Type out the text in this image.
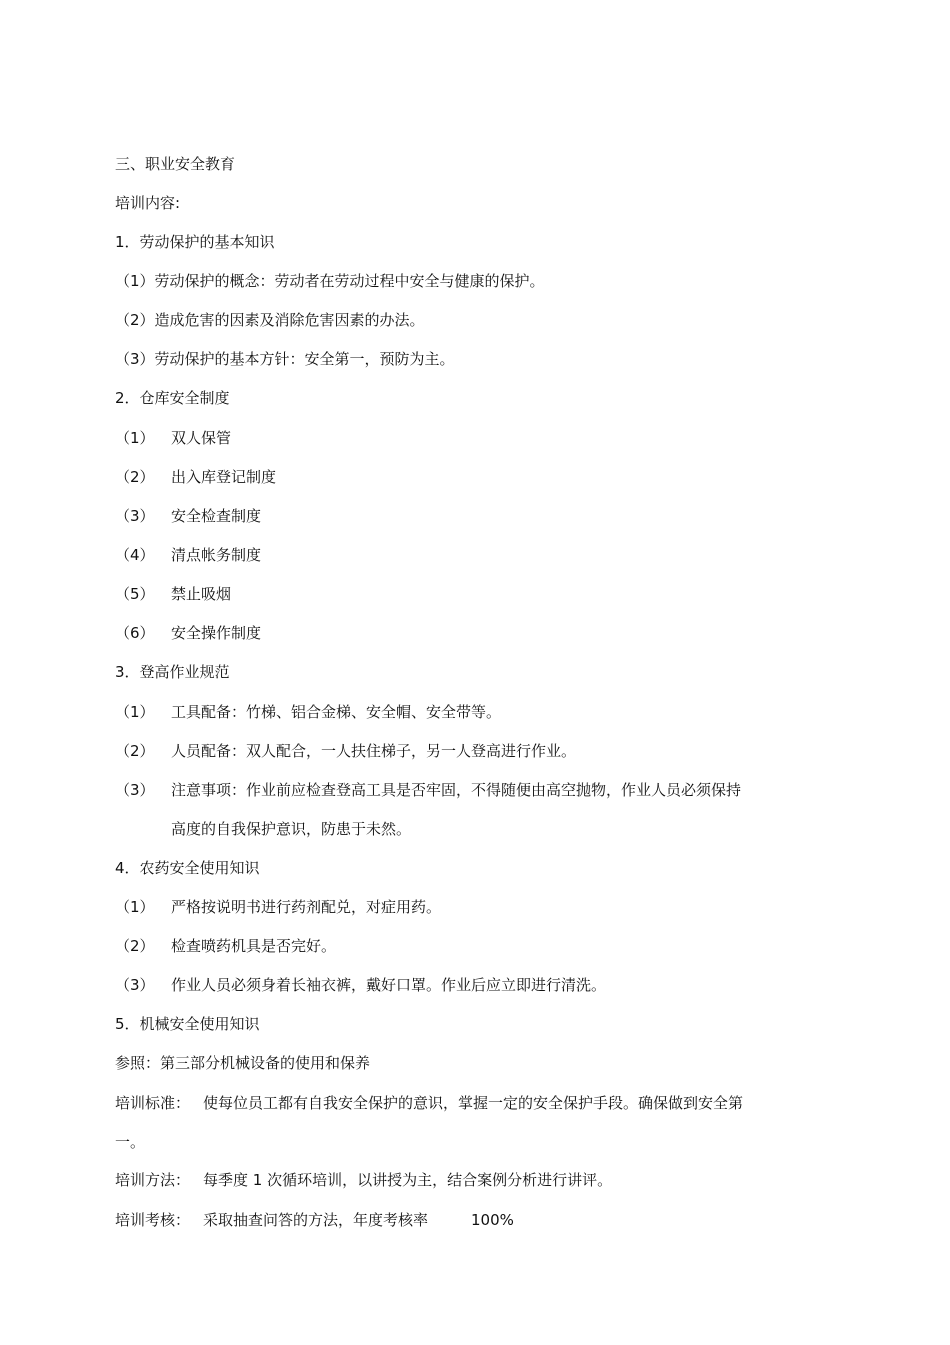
三、职业安全教育
培训内容:
1．劳动保护的基本知识
（1）劳动保护的概念：劳动者在劳动过程中安全与健康的保护。
（2）造成危害的因素及消除危害因素的办法。
（3）劳动保护的基本方针：安全第一，预防为主。
2．仓库安全制度
（1） 双人保管
（2） 出入库登记制度
（3） 安全检查制度
（4） 清点帐务制度
（5） 禁止吸烟
（6） 安全操作制度
3．登高作业规范
（1） 工具配备：竹梯、铝合金梯、安全帽、安全带等。
（2） 人员配备：双人配合，一人扶住梯子，另一人登高进行作业。
（3） 注意事项：作业前应检查登高工具是否牢固，不得随便由高空抛物，作业人员必须保持
高度的自我保护意识，防患于未然。
4．农药安全使用知识
（1） 严格按说明书进行药剂配兑，对症用药。
（2） 检查喷药机具是否完好。
（3） 作业人员必须身着长袖衣裤，戴好口罩。作业后应立即进行清洗。
5．机械安全使用知识
参照：第三部分机械设备的使用和保养
培训标准： 使每位员工都有自我安全保护的意识，掌握一定的安全保护手段。确保做到安全第
一。
培训方法： 每季度 1 次循环培训，以讲授为主，结合案例分析进行讲评。
培训考核： 采取抽查问答的方法，年度考核率	100%
